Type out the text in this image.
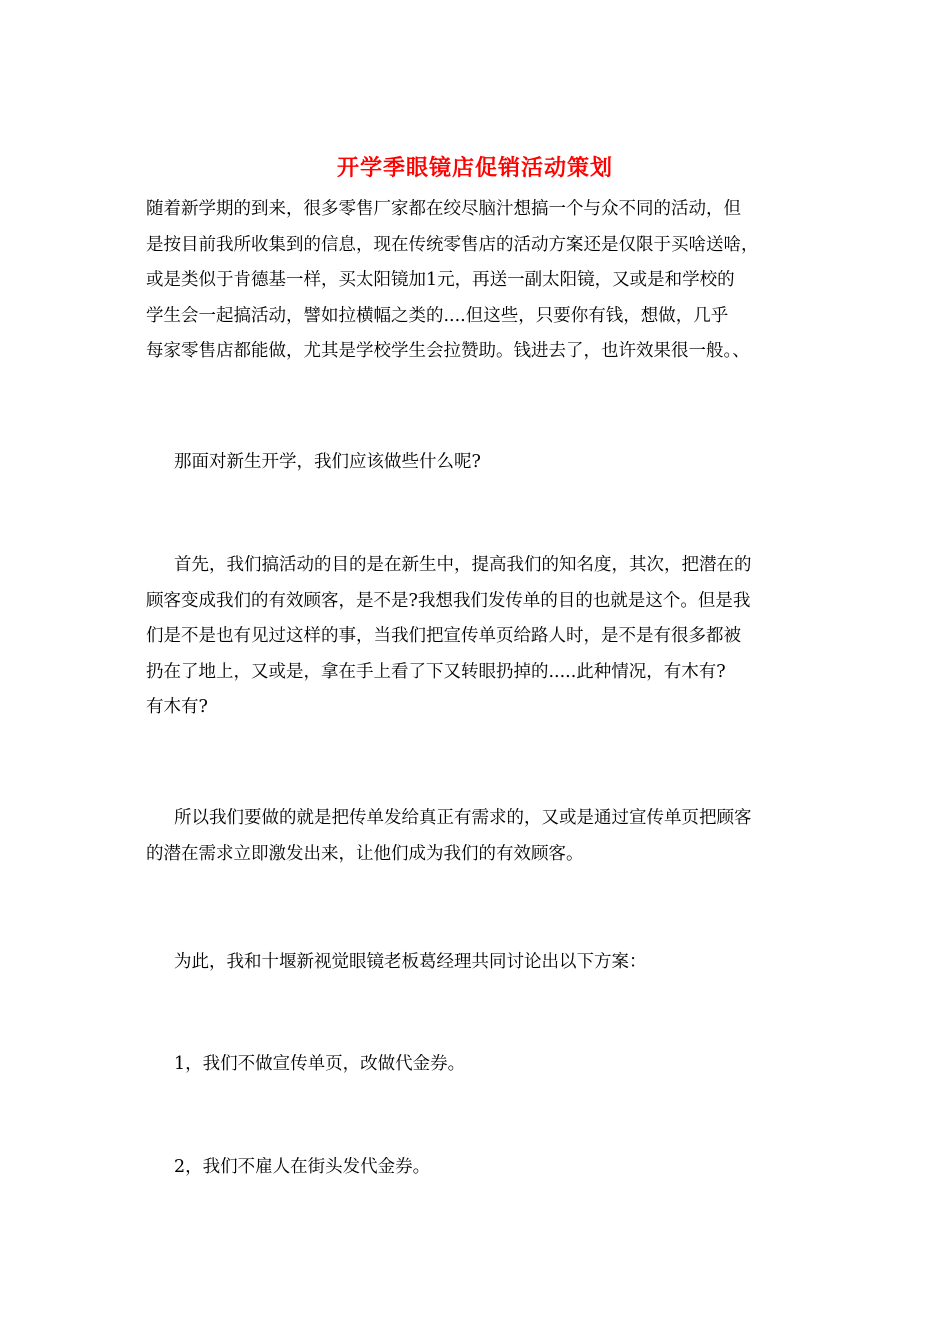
开学季眼镜店促销活动策划
随着新学期的到来，很多零售厂家都在绞尽脑汁想搞一个与众不同的活动，但
是按目前我所收集到的信息，现在传统零售店的活动方案还是仅限于买啥送啥，
或是类似于肯德基一样，买太阳镜加1元，再送一副太阳镜，又或是和学校的
学生会一起搞活动，譬如拉横幅之类的....但这些，只要你有钱，想做，几乎
每家零售店都能做，尤其是学校学生会拉赞助。钱进去了，也许效果很一般。、
那面对新生开学，我们应该做些什么呢?
首先，我们搞活动的目的是在新生中，提高我们的知名度，其次，把潜在的
顾客变成我们的有效顾客，是不是?我想我们发传单的目的也就是这个。但是我
们是不是也有见过这样的事，当我们把宣传单页给路人时，是不是有很多都被
扔在了地上，又或是，拿在手上看了下又转眼扔掉的.....此种情况，有木有?
有木有?
所以我们要做的就是把传单发给真正有需求的，又或是通过宣传单页把顾客
的潜在需求立即激发出来，让他们成为我们的有效顾客。
为此，我和十堰新视觉眼镜老板葛经理共同讨论出以下方案：
1，我们不做宣传单页，改做代金券。
2，我们不雇人在街头发代金券。
